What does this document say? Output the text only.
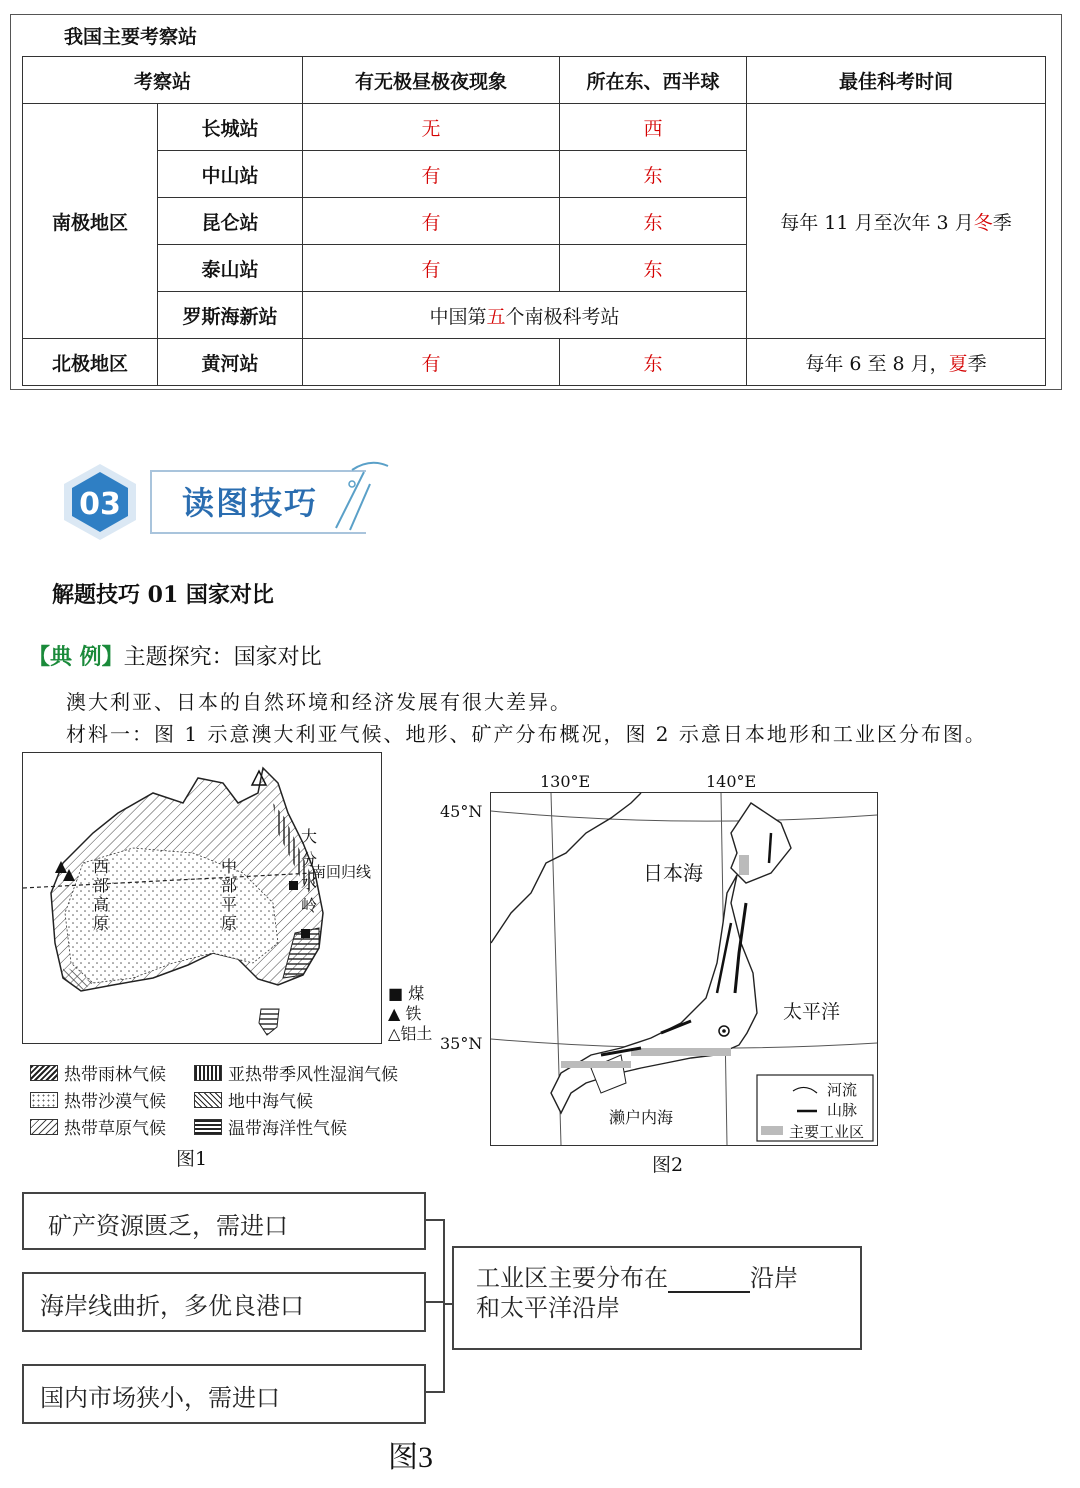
我国主要考察站
考察站		有无极昼极夜现象	所在东、西半球	最佳科考时间
南极地区	长城站	无	西	每年 11 月至次年 3 月冬季
	中山站	有	东	
	昆仑站	有	东	
	泰山站	有	东	
	罗斯海新站	中国第五个南极科考站		
北极地区	黄河站	有	东	每年 6 至 8 月，夏季
03 读图技巧
解题技巧 01 国家对比
【典 例】主题探究：国家对比
澳大利亚、日本的自然环境和经济发展有很大差异。
材料一：图 1 示意澳大利亚气候、地形、矿产分布概况，图 2 示意日本地形和工业区分布图。
西部高原
中部平原
大分水岭
南回归线
■ 煤
▲ 铁
△铝土
热带雨林气候	亚热带季风性湿润气候
热带沙漠气候	地中海气候
热带草原气候	温带海洋性气候
图1
130°E	140°E
45°N
35°N
日本海
太平洋
濑户内海
河流
山脉
主要工业区
图2
矿产资源匮乏，需进口
海岸线曲折，多优良港口
国内市场狭小，需进口
工业区主要分布在	沿岸
和太平洋沿岸
图3
